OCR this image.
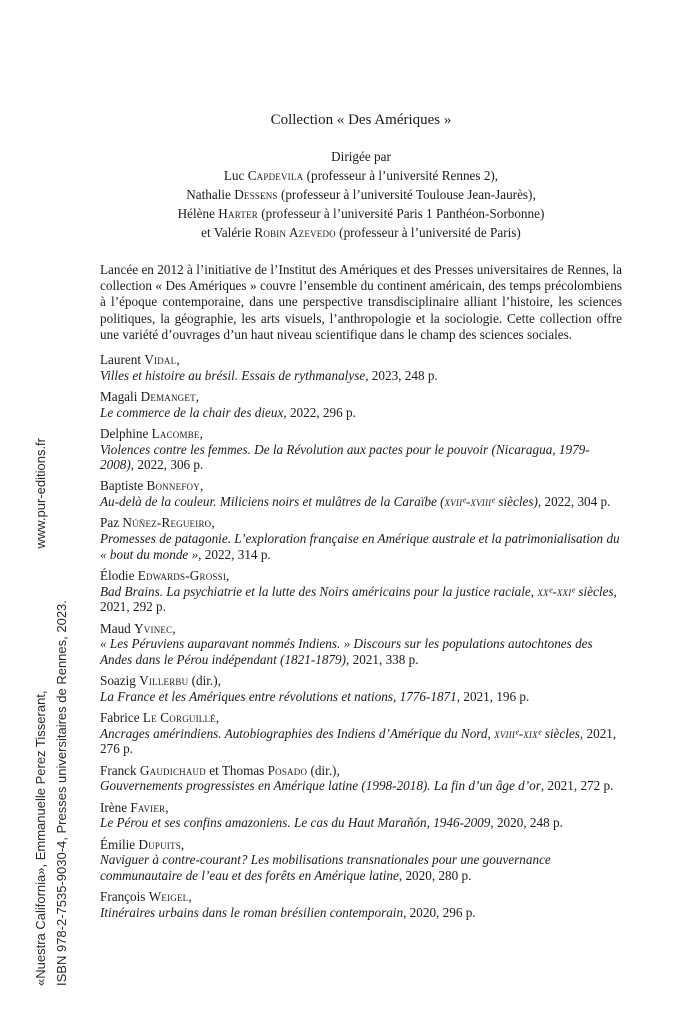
Collection « Des Amériques »
Dirigée par
Luc Capdevila (professeur à l’université Rennes 2),
Nathalie Dessens (professeur à l’université Toulouse Jean-Jaurès),
Hélène Harter (professeur à l’université Paris 1 Panthéon-Sorbonne)
et Valérie Robin Azevedo (professeur à l’université de Paris)

Lancée en 2012 à l’initiative de l’Institut des Amériques et des Presses universitaires de Rennes, la collection « Des Amériques » couvre l’ensemble du continent américain, des temps précolombiens à l’époque contemporaine, dans une perspective transdisciplinaire alliant l’histoire, les sciences politiques, la géographie, les arts visuels, l’anthropologie et la sociologie. Cette collection offre une variété d’ouvrages d’un haut niveau scientifique dans le champ des sciences sociales.

Laurent Vidal,
Villes et histoire au brésil. Essais de rythmanalyse, 2023, 248 p.
Magali Demanget,
Le commerce de la chair des dieux, 2022, 296 p.
Delphine Lacombe,
Violences contre les femmes. De la Révolution aux pactes pour le pouvoir (Nicaragua, 1979-2008), 2022, 306 p.
Baptiste Bonnefoy,
Au-delà de la couleur. Miliciens noirs et mulâtres de la Caraïbe (xviiᵉ-xviiiᵉ siècles), 2022, 304 p.
Paz Núñez-Regueiro,
Promesses de patagonie. L’exploration française en Amérique australe et la patrimonialisation du « bout du monde », 2022, 314 p.
Élodie Edwards-Grossi,
Bad Brains. La psychiatrie et la lutte des Noirs américains pour la justice raciale, xxᵉ-xxiᵉ siècles, 2021, 292 p.
Maud Yvinec,
« Les Péruviens auparavant nommés Indiens. » Discours sur les populations autochtones des Andes dans le Pérou indépendant (1821-1879), 2021, 338 p.
Soazig Villerbu (dir.),
La France et les Amériques entre révolutions et nations, 1776-1871, 2021, 196 p.
Fabrice Le Corguillé,
Ancrages amérindiens. Autobiographies des Indiens d’Amérique du Nord, xviiiᵉ-xixᵉ siècles, 2021, 276 p.
Franck Gaudichaud et Thomas Posado (dir.),
Gouvernements progressistes en Amérique latine (1998-2018). La fin d’un âge d’or, 2021, 272 p.
Irène Favier,
Le Pérou et ses confins amazoniens. Le cas du Haut Marañón, 1946-2009, 2020, 248 p.
Émilie Dupuits,
Naviguer à contre-courant? Les mobilisations transnationales pour une gouvernance communautaire de l’eau et des forêts en Amérique latine, 2020, 280 p.
François Weigel,
Itinéraires urbains dans le roman brésilien contemporain, 2020, 296 p.
«Nuestra California», Emmanuelle Perez Tisserant,
www.pur-editions.fr
ISBN 978-2-7535-9030-4, Presses universitaires de Rennes, 2023.
